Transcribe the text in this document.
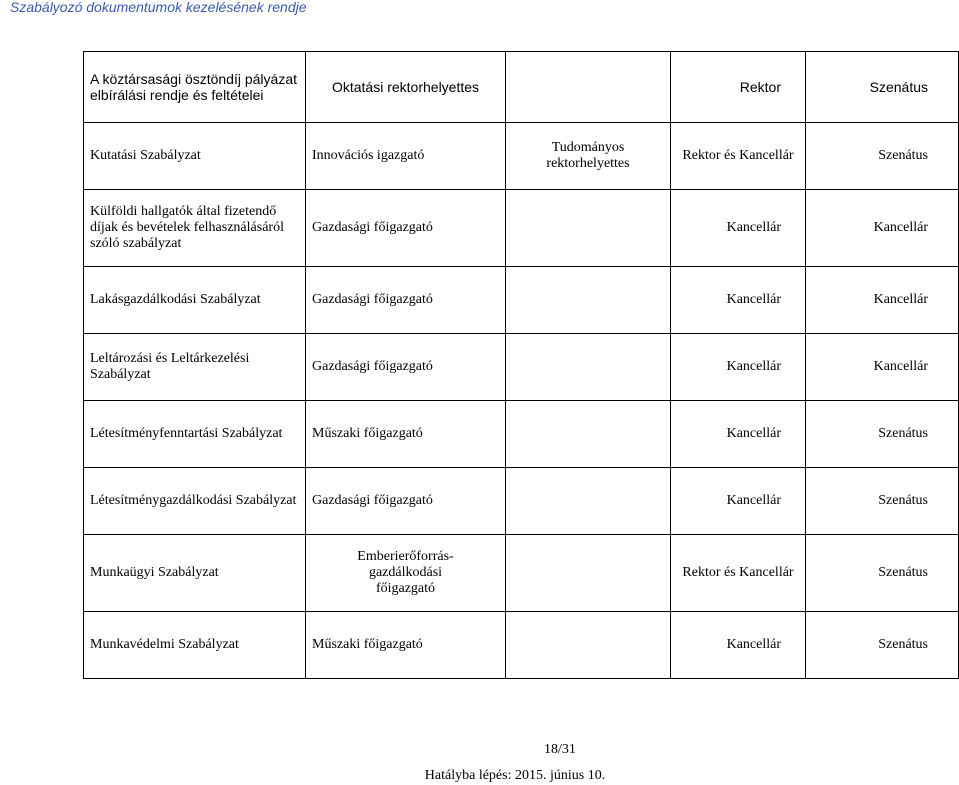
Szabályozó dokumentumok kezelésének rendje

A köztársasági ösztöndíj pályázat elbírálási rendje és feltételei	Oktatási rektorhelyettes		Rektor	Szenátus
Kutatási Szabályzat	Innovációs igazgató	Tudományos rektorhelyettes	Rektor és Kancellár	Szenátus
Külföldi hallgatók által fizetendő díjak és bevételek felhasználásáról szóló szabályzat	Gazdasági főigazgató		Kancellár	Kancellár
Lakásgazdálkodási Szabályzat	Gazdasági főigazgató		Kancellár	Kancellár
Leltározási és Leltárkezelési Szabályzat	Gazdasági főigazgató		Kancellár	Kancellár
Létesítményfenntartási Szabályzat	Műszaki főigazgató		Kancellár	Szenátus
Létesítménygazdálkodási Szabályzat	Gazdasági főigazgató		Kancellár	Szenátus
Munkaügyi Szabályzat	Emberierőforrás-gazdálkodási főigazgató		Rektor és Kancellár	Szenátus
Munkavédelmi Szabályzat	Műszaki főigazgató		Kancellár	Szenátus

18/31

Hatályba lépés: 2015. június 10.
